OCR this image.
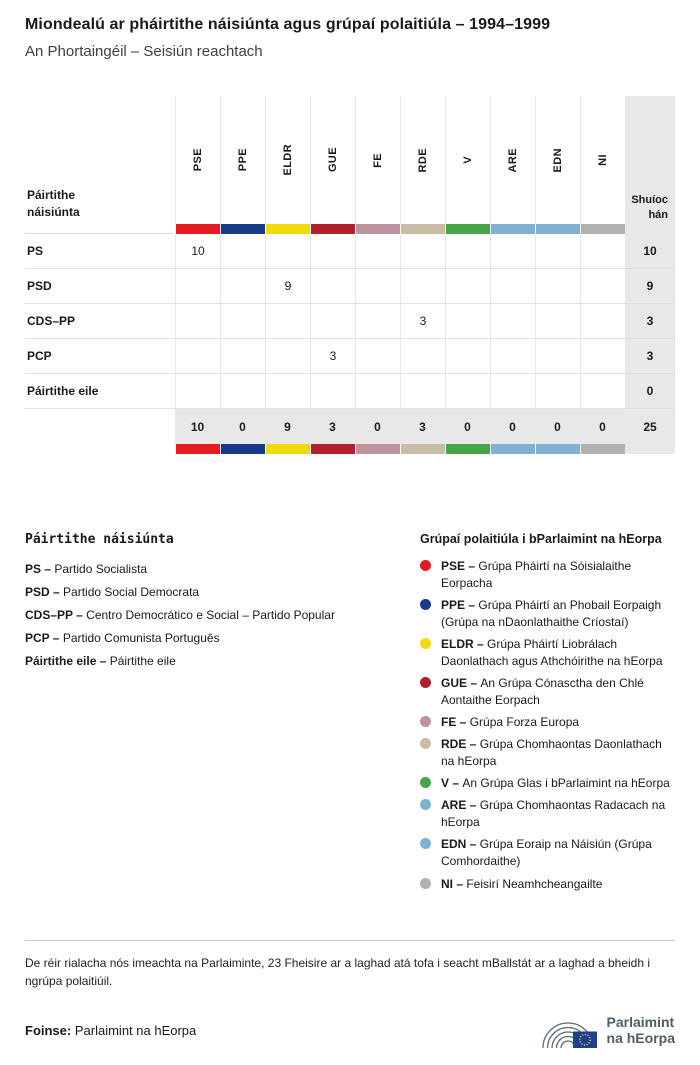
Miondealú ar pháirtithe náisiúnta agus grúpaí polaitiúla – 1994–1999
An Phortaingéil – Seisiún reachtach
Páirtithe náisiúnta
PS
PSD
CDS–PP
PCP
Páirtithe eile
PSE
10
10
PPE
0
ELDR
9
9
GUE
3
3
FE
0
RDE
3
3
V
0
ARE
0
EDN
0
NI
0
Shuíochán
10
9
3
3
0
25
Páirtithe náisiúnta
PS – Partido Socialista
PSD – Partido Social Democrata
CDS–PP – Centro Democrático e Social – Partido Popular
PCP – Partido Comunista Português
Páirtithe eile – Páirtithe eile
Grúpaí polaitiúla i bParlaimint na hEorpa
PSE – Grúpa Pháirtí na Sóisialaithe Eorpacha
PPE – Grúpa Pháirtí an Phobail Eorpaigh (Grúpa na nDaonlathaithe Críostaí)
ELDR – Grúpa Pháirtí Liobrálach Daonlathach agus Athchóirithe na hEorpa
GUE – An Grúpa Cónasctha den Chlé Aontaithe Eorpach
FE – Grúpa Forza Europa
RDE – Grúpa Chomhaontas Daonlathach na hEorpa
V – An Grúpa Glas i bParlaimint na hEorpa
ARE – Grúpa Chomhaontas Radacach na hEorpa
EDN – Grúpa Eoraip na Náisiún (Grúpa Comhordaithe)
NI – Feisirí Neamhcheangailte
De réir rialacha nós imeachta na Parlaiminte, 23 Fheisire ar a laghad atá tofa i seacht mBallstát ar a laghad a bheidh i ngrúpa polaitiúil.
Foinse: Parlaimint na hEorpa
Parlaimint
na hEorpa
